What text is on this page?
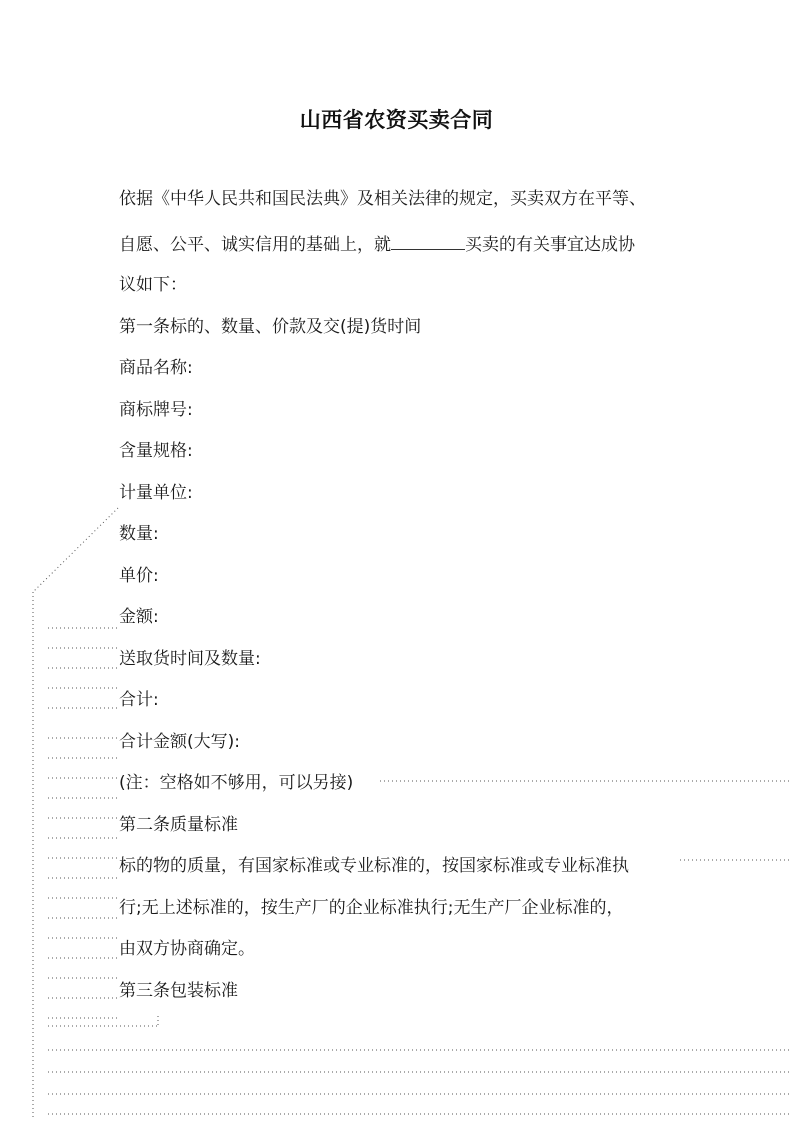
山西省农资买卖合同
依据《中华人民共和国民法典》及相关法律的规定，买卖双方在平等、
自愿、公平、诚实信用的基础上，就	买卖的有关事宜达成协
议如下：
第一条标的、数量、价款及交(提)货时间
商品名称:
商标牌号:
含量规格:
计量单位:
数量:
单价:
金额:
送取货时间及数量:
合计:
合计金额(大写):
(注：空格如不够用，可以另接)
第二条质量标准
标的物的质量，有国家标准或专业标准的，按国家标准或专业标准执
行;无上述标准的，按生产厂的企业标准执行;无生产厂企业标准的，
由双方协商确定。
第三条包装标准
